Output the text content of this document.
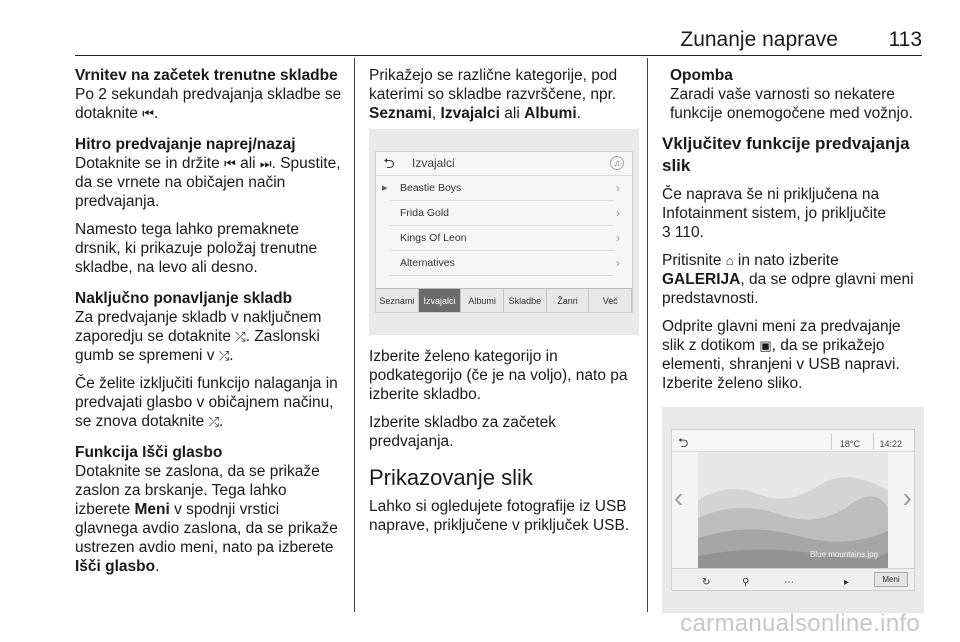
Zunanje naprave 113
Vrnitev na začetek trenutne skladbe
Po 2 sekundah predvajanja skladbe se dotaknite ⏮.
Hitro predvajanje naprej/nazaj

Dotaknite se in držite ⏮ ali ⏭. Spustite, da se vrnete na običajen način predvajanja.

Namesto tega lahko premaknete drsnik, ki prikazuje položaj trenutne skladbe, na levo ali desno.
Naključno ponavljanje skladb

Za predvajanje skladb v naključnem zaporedju se dotaknite ⤮. Zaslonski gumb se spremeni v ⤮.

Če želite izključiti funkcijo nalaganja in predvajati glasbo v običajnem načinu, se znova dotaknite ⤮.
Funkcija Išči glasbo
Dotaknite se zaslona, da se prikaže zaslon za brskanje. Tega lahko izberete Meni v spodnji vrstici glavnega avdio zaslona, da se prikaže ustrezen avdio meni, nato pa izberete Išči glasbo.
Prikažejo se različne kategorije, pod katerimi so skladbe razvrščene, npr. Seznami, Izvajalci ali Albumi.
⮌	Izvajalci	♫
▶ Beastie Boys	›
Frida Gold	›
Kings Of Leon	›
Alternatives	›
Seznami	Izvajalci	Albumi	Skladbe	Žanri	Več

Izberite želeno kategorijo in podkategorijo (če je na voljo), nato pa izberite skladbo.

Izberite skladbo za začetek predvajanja.

Prikazovanje slik
Lahko si ogledujete fotografije iz USB naprave, priključene v priključek USB.
Opomba
Zaradi vaše varnosti so nekatere funkcije onemogočene med vožnjo.
Vključitev funkcije predvajanja slik

Če naprava še ni priključena na Infotainment sistem, jo priključite
3 110.

Pritisnite ⌂ in nato izberite GALERIJA, da se odpre glavni meni predstavnosti.

Odprite glavni meni za predvajanje slik z dotikom ▣, da se prikažejo elementi, shranjeni v USB napravi. Izberite želeno sliko.
⮌	18°C 14:22
‹	›
Blue mountains.jpg
↻	⚲	⋯	▸	Meni
carmanualsonline.info
